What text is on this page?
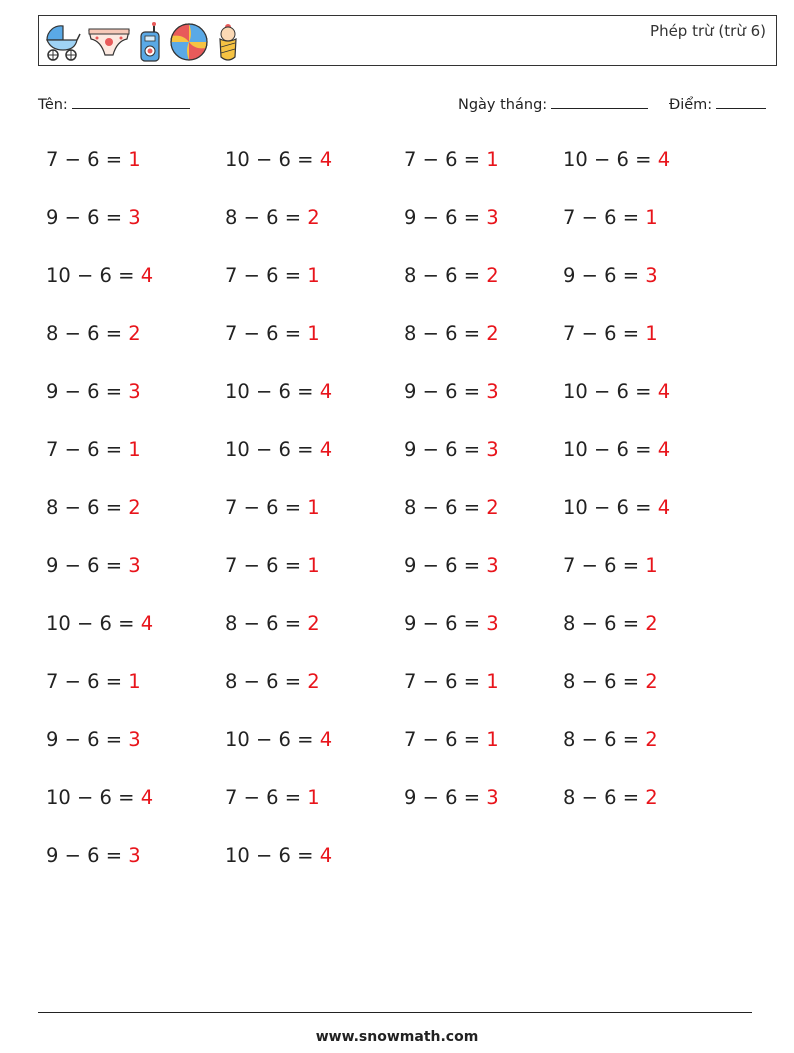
Phép trừ (trừ 6)
Tên:	Ngày tháng:	Điểm:
7 − 6 = 1	10 − 6 = 4	7 − 6 = 1	10 − 6 = 4
9 − 6 = 3	8 − 6 = 2	9 − 6 = 3	7 − 6 = 1
10 − 6 = 4	7 − 6 = 1	8 − 6 = 2	9 − 6 = 3
8 − 6 = 2	7 − 6 = 1	8 − 6 = 2	7 − 6 = 1
9 − 6 = 3	10 − 6 = 4	9 − 6 = 3	10 − 6 = 4
7 − 6 = 1	10 − 6 = 4	9 − 6 = 3	10 − 6 = 4
8 − 6 = 2	7 − 6 = 1	8 − 6 = 2	10 − 6 = 4
9 − 6 = 3	7 − 6 = 1	9 − 6 = 3	7 − 6 = 1
10 − 6 = 4	8 − 6 = 2	9 − 6 = 3	8 − 6 = 2
7 − 6 = 1	8 − 6 = 2	7 − 6 = 1	8 − 6 = 2
9 − 6 = 3	10 − 6 = 4	7 − 6 = 1	8 − 6 = 2
10 − 6 = 4	7 − 6 = 1	9 − 6 = 3	8 − 6 = 2
9 − 6 = 3	10 − 6 = 4
www.snowmath.com
